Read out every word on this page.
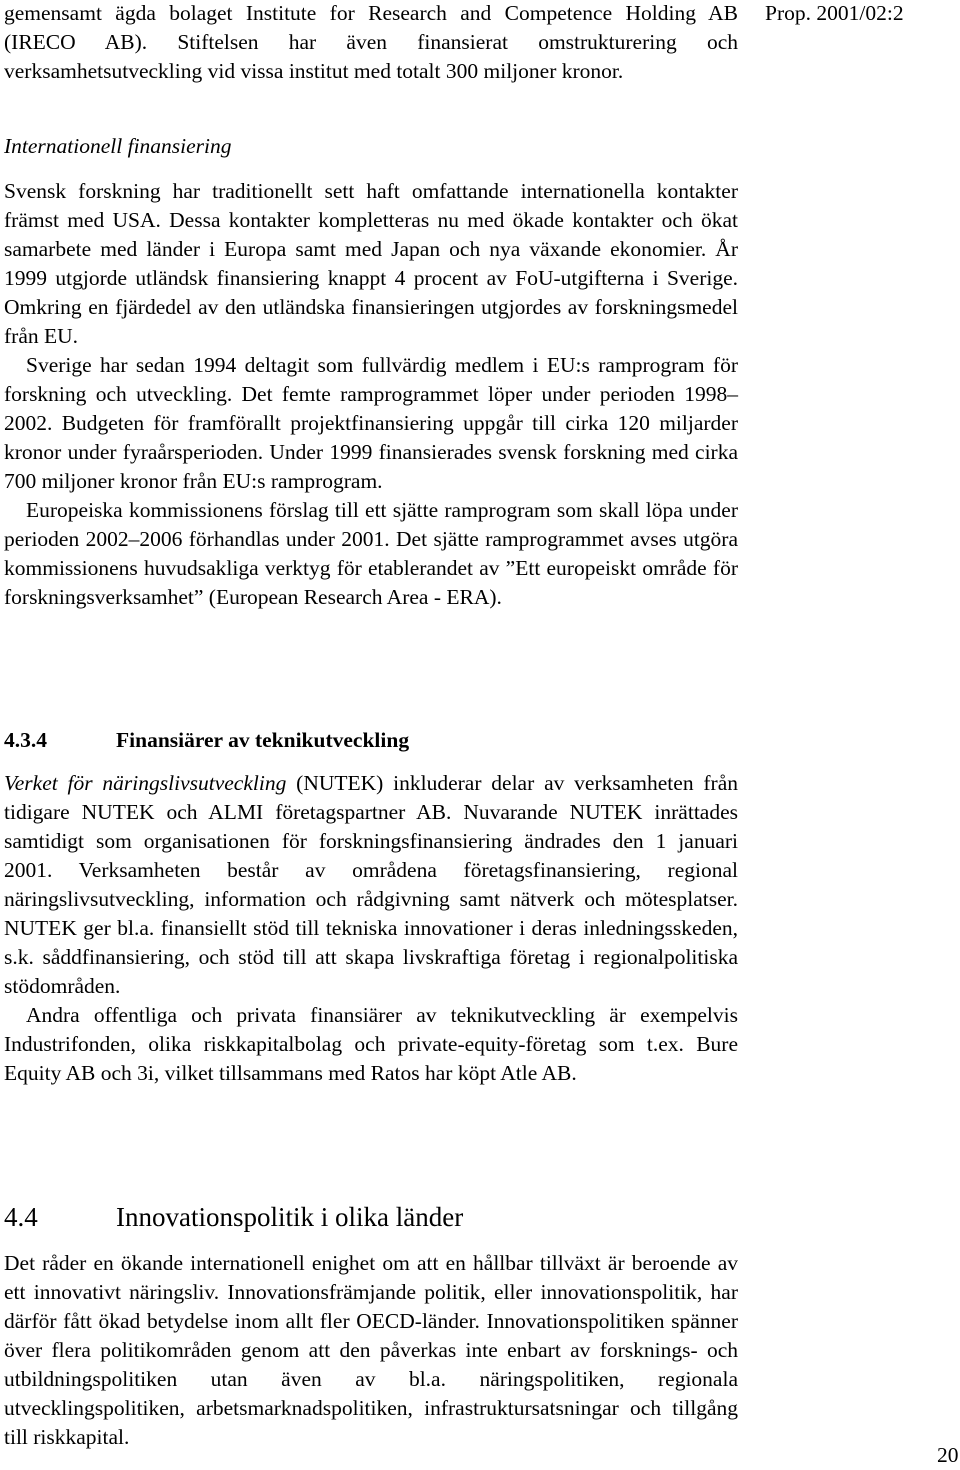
Prop. 2001/02:2

gemensamt ägda bolaget Institute for Research and Competence Holding AB (IRECO AB). Stiftelsen har även finansierat omstrukturering och verksamhetsutveckling vid vissa institut med totalt 300 miljoner kronor.

Internationell finansiering

Svensk forskning har traditionellt sett haft omfattande internationella kontakter främst med USA. Dessa kontakter kompletteras nu med ökade kontakter och ökat samarbete med länder i Europa samt med Japan och nya växande ekonomier. År 1999 utgjorde utländsk finansiering knappt 4 procent av FoU-utgifterna i Sverige. Omkring en fjärdedel av den utländska finansieringen utgjordes av forskningsmedel från EU.

Sverige har sedan 1994 deltagit som fullvärdig medlem i EU:s ramprogram för forskning och utveckling. Det femte ramprogrammet löper under perioden 1998–2002. Budgeten för framförallt projektfinansiering uppgår till cirka 120 miljarder kronor under fyraårsperioden. Under 1999 finansierades svensk forskning med cirka 700 miljoner kronor från EU:s ramprogram.

Europeiska kommissionens förslag till ett sjätte ramprogram som skall löpa under perioden 2002–2006 förhandlas under 2001. Det sjätte ramprogrammet avses utgöra kommissionens huvudsakliga verktyg för etablerandet av ”Ett europeiskt område för forskningsverksamhet” (European Research Area - ERA).

4.3.4	Finansiärer av teknikutveckling

Verket för näringslivsutveckling (NUTEK) inkluderar delar av verksamheten från tidigare NUTEK och ALMI företagspartner AB. Nuvarande NUTEK inrättades samtidigt som organisationen för forskningsfinansiering ändrades den 1 januari 2001. Verksamheten består av områdena företagsfinansiering, regional näringslivsutveckling, information och rådgivning samt nätverk och mötesplatser. NUTEK ger bl.a. finansiellt stöd till tekniska innovationer i deras inledningsskeden, s.k. såddfinansiering, och stöd till att skapa livskraftiga företag i regionalpolitiska stödområden.

Andra offentliga och privata finansiärer av teknikutveckling är exempelvis Industrifonden, olika riskkapitalbolag och private-equity-företag som t.ex. Bure Equity AB och 3i, vilket tillsammans med Ratos har köpt Atle AB.

4.4	Innovationspolitik i olika länder

Det råder en ökande internationell enighet om att en hållbar tillväxt är beroende av ett innovativt näringsliv. Innovationsfrämjande politik, eller innovationspolitik, har därför fått ökad betydelse inom allt fler OECD-länder. Innovationspolitiken spänner över flera politikområden genom att den påverkas inte enbart av forsknings- och utbildningspolitiken utan även av bl.a. näringspolitiken, regionala utvecklingspolitiken, arbetsmarknadspolitiken, infrastruktursatsningar och tillgång till riskkapital.

20
